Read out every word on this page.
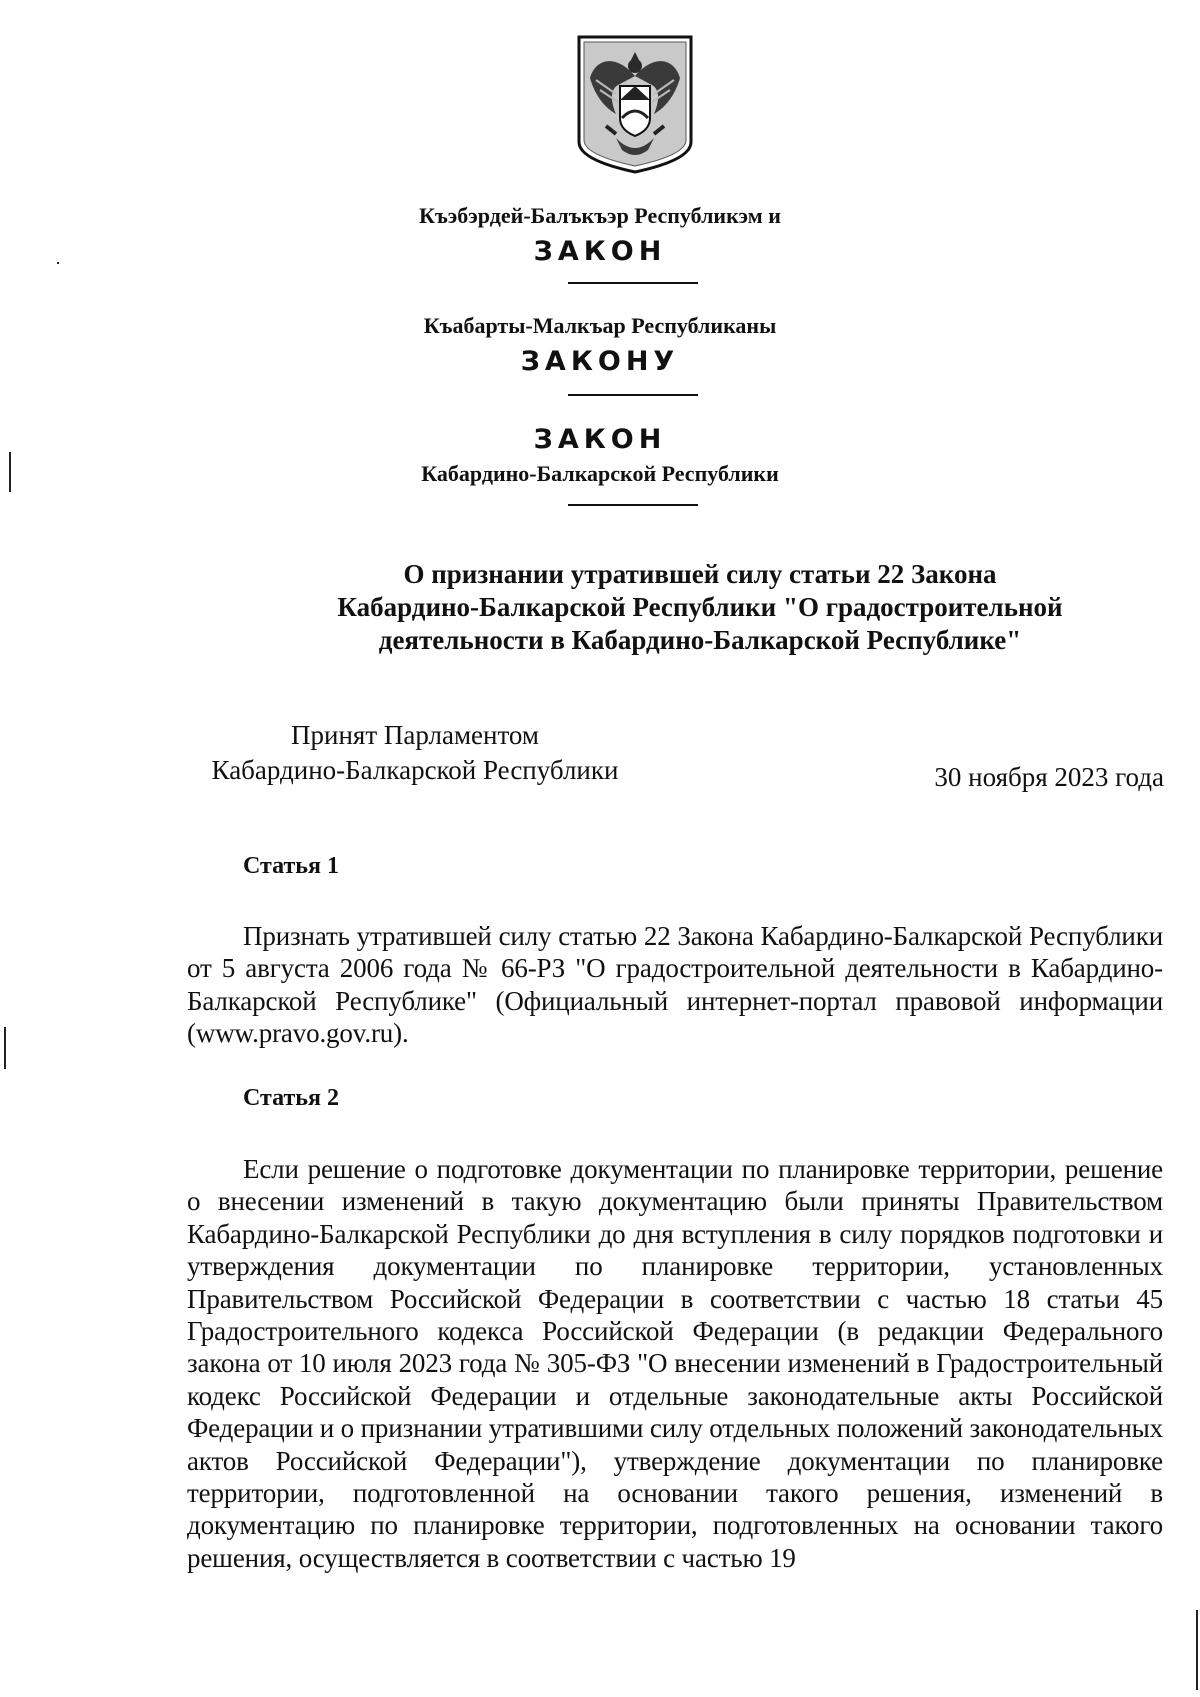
Къэбэрдей-Балъкъэр Республикэм и
ЗАКОН
Къабарты-Малкъар Республиканы
ЗАКОНУ
ЗАКОН
Кабардино-Балкарской Республики
О признании утратившей силу статьи 22 Закона
Кабардино-Балкарской Республики "О градостроительной
деятельности в Кабардино-Балкарской Республике"
Принят Парламентом
Кабардино-Балкарской Республики	30 ноября 2023 года
Статья 1
Признать утратившей силу статью 22 Закона Кабардино-Балкарской Республики от 5 августа 2006 года № 66-РЗ "О градостроительной деятельности в Кабардино-Балкарской Республике" (Официальный интернет-портал правовой информации (www.pravo.gov.ru).
Статья 2
Если решение о подготовке документации по планировке территории, решение о внесении изменений в такую документацию были приняты Правительством Кабардино-Балкарской Республики до дня вступления в силу порядков подготовки и утверждения документации по планировке территории, установленных Правительством Российской Федерации в соответствии с частью 18 статьи 45 Градостроительного кодекса Российской Федерации (в редакции Федерального закона от 10 июля 2023 года № 305-ФЗ "О внесении изменений в Градостроительный кодекс Российской Федерации и отдельные законодательные акты Российской Федерации и о признании утратившими силу отдельных положений законодательных актов Российской Федерации"), утверждение документации по планировке территории, подготовленной на основании такого решения, изменений в документацию по планировке территории, подготовленных на основании такого решения, осуществляется в соответствии с частью 19
